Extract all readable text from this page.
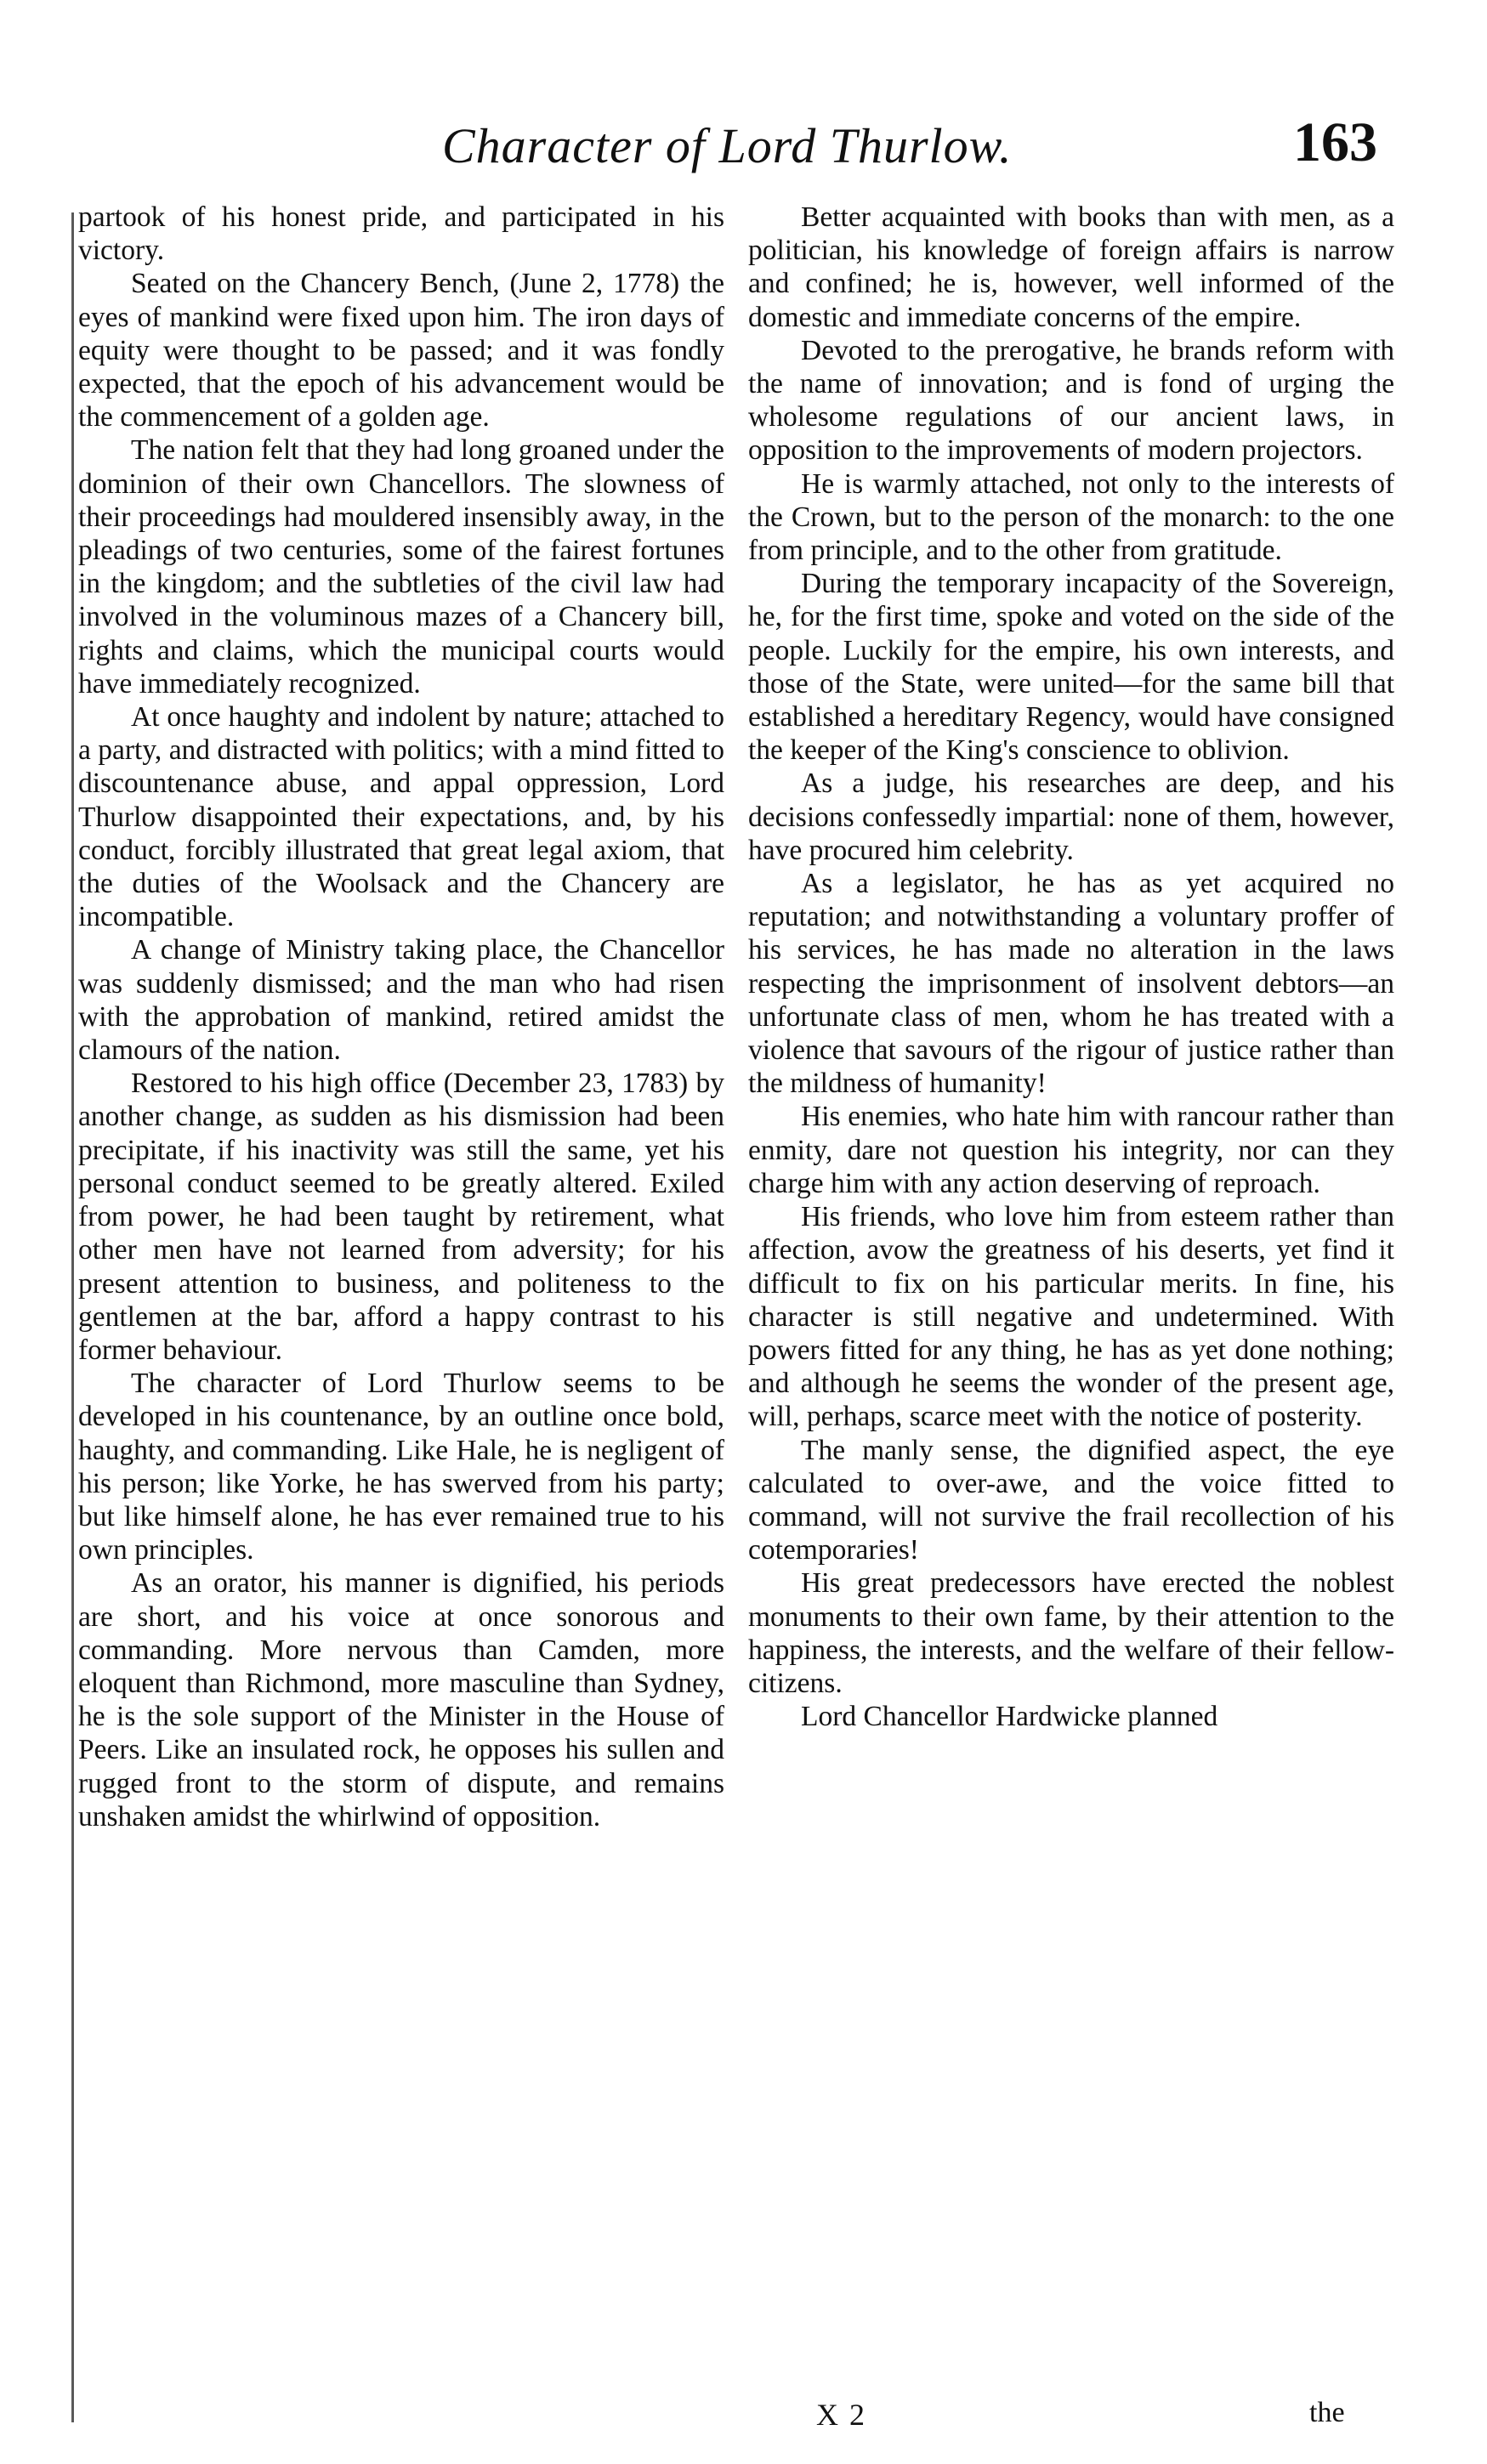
Character of Lord Thurlow.	163

partook of his honest pride, and participated in his victory.

Seated on the Chancery Bench, (June 2, 1778) the eyes of mankind were fixed upon him. The iron days of equity were thought to be passed; and it was fondly expected, that the epoch of his advancement would be the commencement of a golden age.

The nation felt that they had long groaned under the dominion of their own Chancellors. The slowness of their proceedings had mouldered insensibly away, in the pleadings of two centuries, some of the fairest fortunes in the kingdom; and the subtleties of the civil law had involved in the voluminous mazes of a Chancery bill, rights and claims, which the municipal courts would have immediately recognized.

At once haughty and indolent by nature; attached to a party, and distracted with politics; with a mind fitted to discountenance abuse, and appal oppression, Lord Thurlow disappointed their expectations, and, by his conduct, forcibly illustrated that great legal axiom, that the duties of the Woolsack and the Chancery are incompatible.

A change of Ministry taking place, the Chancellor was suddenly dismissed; and the man who had risen with the approbation of mankind, retired amidst the clamours of the nation.

Restored to his high office (December 23, 1783) by another change, as sudden as his dismission had been precipitate, if his inactivity was still the same, yet his personal conduct seemed to be greatly altered. Exiled from power, he had been taught by retirement, what other men have not learned from adversity; for his present attention to business, and politeness to the gentlemen at the bar, afford a happy contrast to his former behaviour.

The character of Lord Thurlow seems to be developed in his countenance, by an outline once bold, haughty, and commanding. Like Hale, he is negligent of his person; like Yorke, he has swerved from his party; but like himself alone, he has ever remained true to his own principles.

As an orator, his manner is dignified, his periods are short, and his voice at once sonorous and commanding. More nervous than Camden, more eloquent than Richmond, more masculine than Sydney, he is the sole support of the Minister in the House of Peers. Like an insulated rock, he opposes his sullen and rugged front to the storm of dispute, and remains unshaken amidst the whirlwind of opposition.

Better acquainted with books than with men, as a politician, his knowledge of foreign affairs is narrow and confined; he is, however, well informed of the domestic and immediate concerns of the empire.

Devoted to the prerogative, he brands reform with the name of innovation; and is fond of urging the wholesome regulations of our ancient laws, in opposition to the improvements of modern projectors.

He is warmly attached, not only to the interests of the Crown, but to the person of the monarch: to the one from principle, and to the other from gratitude.

During the temporary incapacity of the Sovereign, he, for the first time, spoke and voted on the side of the people. Luckily for the empire, his own interests, and those of the State, were united—for the same bill that established a hereditary Regency, would have consigned the keeper of the King's conscience to oblivion.

As a judge, his researches are deep, and his decisions confessedly impartial: none of them, however, have procured him celebrity.

As a legislator, he has as yet acquired no reputation; and notwithstanding a voluntary proffer of his services, he has made no alteration in the laws respecting the imprisonment of insolvent debtors—an unfortunate class of men, whom he has treated with a violence that savours of the rigour of justice rather than the mildness of humanity!

His enemies, who hate him with rancour rather than enmity, dare not question his integrity, nor can they charge him with any action deserving of reproach.

His friends, who love him from esteem rather than affection, avow the greatness of his deserts, yet find it difficult to fix on his particular merits. In fine, his character is still negative and undetermined. With powers fitted for any thing, he has as yet done nothing; and although he seems the wonder of the present age, will, perhaps, scarce meet with the notice of posterity.

The manly sense, the dignified aspect, the eye calculated to over-awe, and the voice fitted to command, will not survive the frail recollection of his cotemporaries!

His great predecessors have erected the noblest monuments to their own fame, by their attention to the happiness, the interests, and the welfare of their fellow-citizens.

Lord Chancellor Hardwicke planned

X 2	the
